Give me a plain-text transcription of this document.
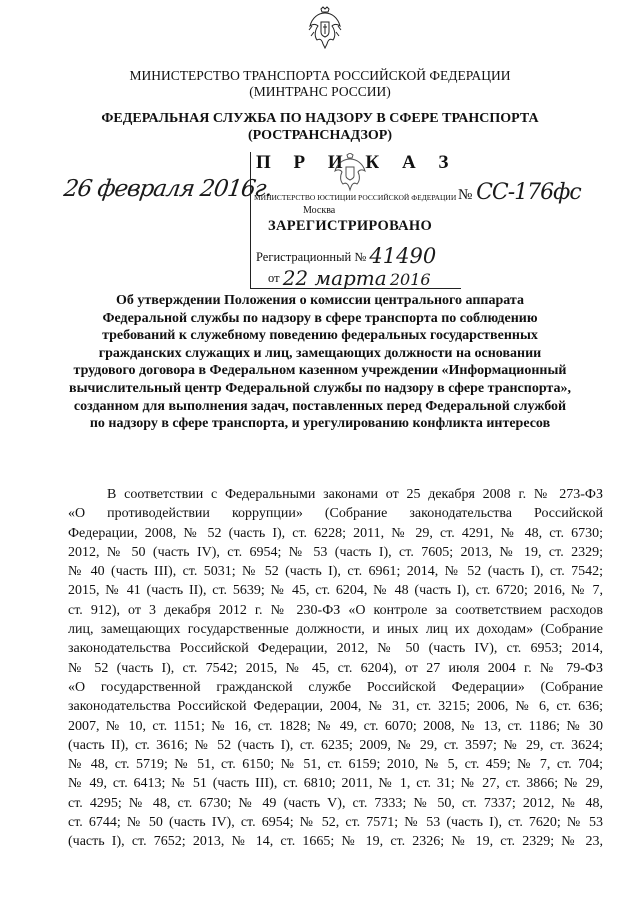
МИНИСТЕРСТВО ТРАНСПОРТА РОССИЙСКОЙ ФЕДЕРАЦИИ
(МИНТРАНС РОССИИ)
ФЕДЕРАЛЬНАЯ СЛУЖБА ПО НАДЗОРУ В СФЕРЕ ТРАНСПОРТА
(РОСТРАНСНАДЗОР)
П Р И К А З
МИНИСТЕРСТВО ЮСТИЦИИ РОССИЙСКОЙ ФЕДЕРАЦИИ
Москва
ЗАРЕГИСТРИРОВАНО
Регистрационный № 41490
от 22 марта 2016
26 февраля 2016г.	№ СС-176фс
Об утверждении Положения о комиссии центрального аппарата
Федеральной службы по надзору в сфере транспорта по соблюдению
требований к служебному поведению федеральных государственных
гражданских служащих и лиц, замещающих должности на основании
трудового договора в Федеральном казенном учреждении «Информационный
вычислительный центр Федеральной службы по надзору в сфере транспорта»,
созданном для выполнения задач, поставленных перед Федеральной службой
по надзору в сфере транспорта, и урегулированию конфликта интересов

В соответствии с Федеральными законами от 25 декабря 2008 г. № 273-ФЗ

«О противодействии коррупции» (Собрание законодательства Российской

Федерации, 2008, № 52 (часть I), ст. 6228; 2011, № 29, ст. 4291, № 48, ст. 6730;

2012, № 50 (часть IV), ст. 6954; № 53 (часть I), ст. 7605; 2013, № 19, ст. 2329;

№ 40 (часть III), ст. 5031; № 52 (часть I), ст. 6961; 2014, № 52 (часть I), ст. 7542;

2015, № 41 (часть II), ст. 5639; № 45, ст. 6204, № 48 (часть I), ст. 6720; 2016, № 7,

ст. 912), от 3 декабря 2012 г. № 230-ФЗ «О контроле за соответствием расходов

лиц, замещающих государственные должности, и иных лиц их доходам» (Собрание

законодательства Российской Федерации, 2012, № 50 (часть IV), ст. 6953; 2014,

№ 52 (часть I), ст. 7542; 2015, № 45, ст. 6204), от 27 июля 2004 г. № 79-ФЗ

«О государственной гражданской службе Российской Федерации» (Собрание

законодательства Российской Федерации, 2004, № 31, ст. 3215; 2006, № 6, ст. 636;

2007, № 10, ст. 1151; № 16, ст. 1828; № 49, ст. 6070; 2008, № 13, ст. 1186; № 30

(часть II), ст. 3616; № 52 (часть I), ст. 6235; 2009, № 29, ст. 3597; № 29, ст. 3624;

№ 48, ст. 5719; № 51, ст. 6150; № 51, ст. 6159; 2010, № 5, ст. 459; № 7, ст. 704;

№ 49, ст. 6413; № 51 (часть III), ст. 6810; 2011, № 1, ст. 31; № 27, ст. 3866; № 29,

ст. 4295; № 48, ст. 6730; № 49 (часть V), ст. 7333; № 50, ст. 7337; 2012, № 48,

ст. 6744; № 50 (часть IV), ст. 6954; № 52, ст. 7571; № 53 (часть I), ст. 7620; № 53

(часть I), ст. 7652; 2013, № 14, ст. 1665; № 19, ст. 2326; № 19, ст. 2329; № 23,
